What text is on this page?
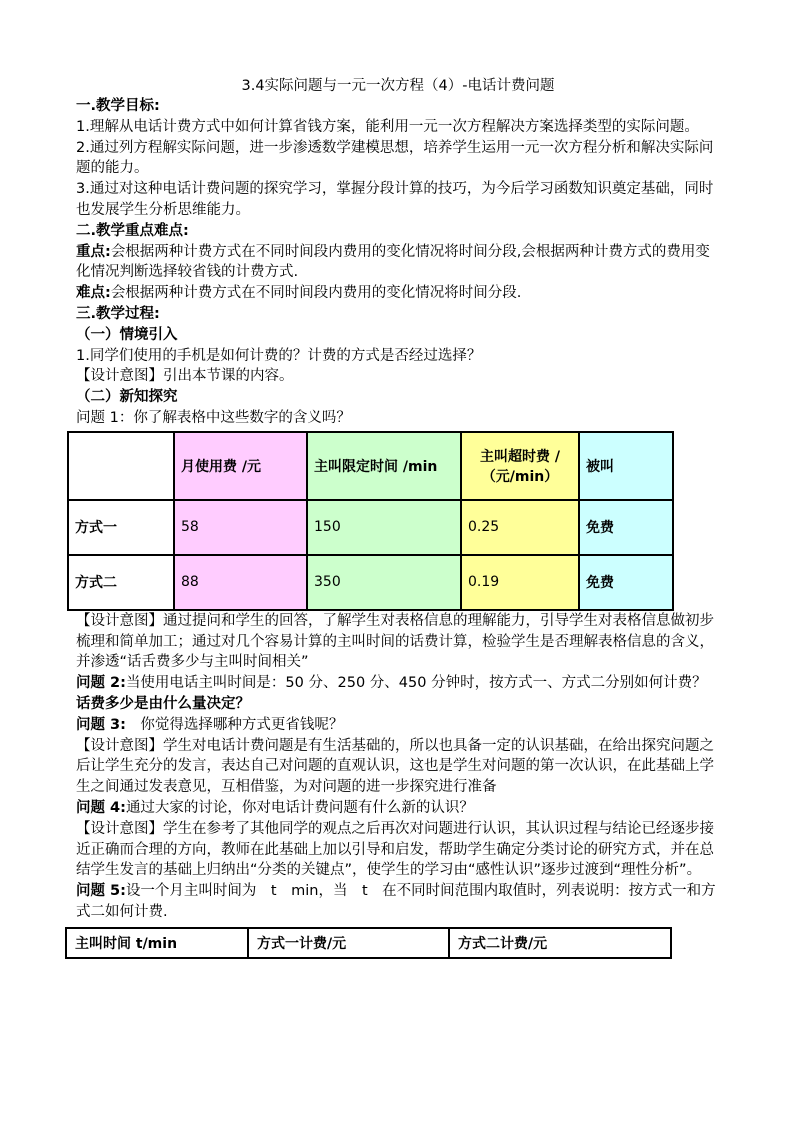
3.4实际问题与一元一次方程（4）-电话计费问题

一.教学目标:

1.理解从电话计费方式中如何计算省钱方案，能利用一元一次方程解决方案选择类型的实际问题。

2.通过列方程解实际问题，进一步渗透数学建模思想，培养学生运用一元一次方程分析和解决实际问题的能力。

3.通过对这种电话计费问题的探究学习，掌握分段计算的技巧，为今后学习函数知识奠定基础，同时也发展学生分析思维能力。

二.教学重点难点:

重点:会根据两种计费方式在不同时间段内费用的变化情况将时间分段,会根据两种计费方式的费用变化情况判断选择较省钱的计费方式.

难点:会根据两种计费方式在不同时间段内费用的变化情况将时间分段.

三.教学过程:

（一）情境引入

1.同学们使用的手机是如何计费的？计费的方式是否经过选择？

【设计意图】引出本节课的内容。

（二）新知探究

问题 1：你了解表格中这些数字的含义吗？

	月使用费 /元	主叫限定时间 /min	主叫超时费 /（元/min）	被叫
方式一	58	150	0.25	免费
方式二	88	350	0.19	免费

【设计意图】通过提问和学生的回答，了解学生对表格信息的理解能力，引导学生对表格信息做初步梳理和简单加工；通过对几个容易计算的主叫时间的话费计算，检验学生是否理解表格信息的含义，并渗透“话舌费多少与主叫时间相关”

问题 2:当使用电话主叫时间是：50 分、250 分、450 分钟时，按方式一、方式二分别如何计费？

话费多少是由什么量决定？

问题 3:　你觉得选择哪种方式更省钱呢？

【设计意图】学生对电话计费问题是有生活基础的，所以也具备一定的认识基础，在给出探究问题之后让学生充分的发言，表达自己对问题的直观认识，这也是学生对问题的第一次认识，在此基础上学生之间通过发表意见，互相借鉴，为对问题的进一步探究进行准备

问题 4:通过大家的讨论，你对电话计费问题有什么新的认识？

【设计意图】学生在参考了其他同学的观点之后再次对问题进行认识，其认识过程与结论已经逐步接近正确而合理的方向，教师在此基础上加以引导和启发，帮助学生确定分类讨论的研究方式，并在总结学生发言的基础上归纳出“分类的关键点”，使学生的学习由“感性认识”逐步过渡到“理性分析”。

问题 5:设一个月主叫时间为　t　min，当　t　在不同时间范围内取值时，列表说明：按方式一和方式二如何计费.

主叫时间 t/min	方式一计费/元	方式二计费/元
